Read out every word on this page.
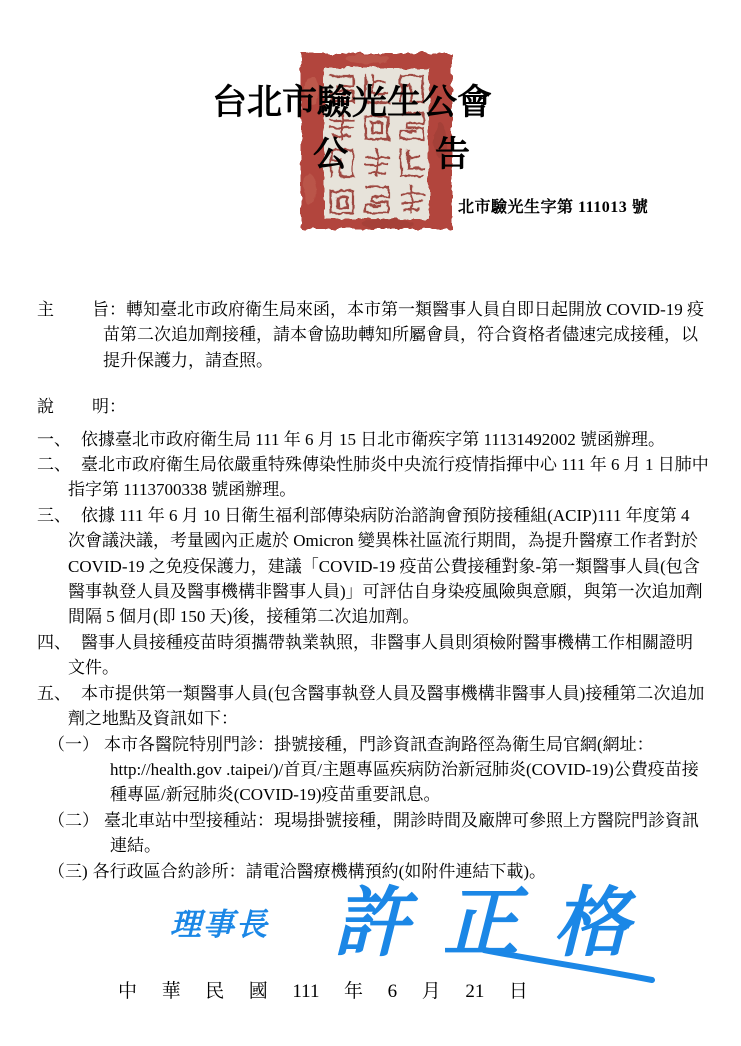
台北市驗光生公會
公 告
北市驗光生字第 111013 號

主 旨：轉知臺北市政府衛生局來函，本市第一類醫事人員自即日起開放 COVID-19 疫苗第二次追加劑接種，請本會協助轉知所屬會員，符合資格者儘速完成接種，以提升保護力，請查照。

說 明：

一、 依據臺北市政府衛生局 111 年 6 月 15 日北市衛疾字第 11131492002 號函辦理。

二、 臺北市政府衛生局依嚴重特殊傳染性肺炎中央流行疫情指揮中心 111 年 6 月 1 日肺中指字第 1113700338 號函辦理。

三、 依據 111 年 6 月 10 日衛生福利部傳染病防治諮詢會預防接種組(ACIP)111 年度第 4 次會議決議，考量國內正處於 Omicron 變異株社區流行期間，為提升醫療工作者對於 COVID-19 之免疫保護力，建議「COVID-19 疫苗公費接種對象-第一類醫事人員(包含醫事執登人員及醫事機構非醫事人員)」可評估自身染疫風險與意願，與第一次追加劑間隔 5 個月(即 150 天)後，接種第二次追加劑。

四、 醫事人員接種疫苗時須攜帶執業執照，非醫事人員則須檢附醫事機構工作相關證明文件。

五、 本市提供第一類醫事人員(包含醫事執登人員及醫事機構非醫事人員)接種第二次追加劑之地點及資訊如下：

（一） 本市各醫院特別門診：掛號接種，門診資訊查詢路徑為衛生局官網(網址：http://health.gov .taipei/)/首頁/主題專區疾病防治新冠肺炎(COVID-19)公費疫苗接種專區/新冠肺炎(COVID-19)疫苗重要訊息。

（二） 臺北車站中型接種站：現場掛號接種，開診時間及廠牌可參照上方醫院門診資訊連結。

（三) 各行政區合約診所：請電洽醫療機構預約(如附件連結下載)。

理事長 許正格
中 華 民 國 111 年 6 月 21 日
